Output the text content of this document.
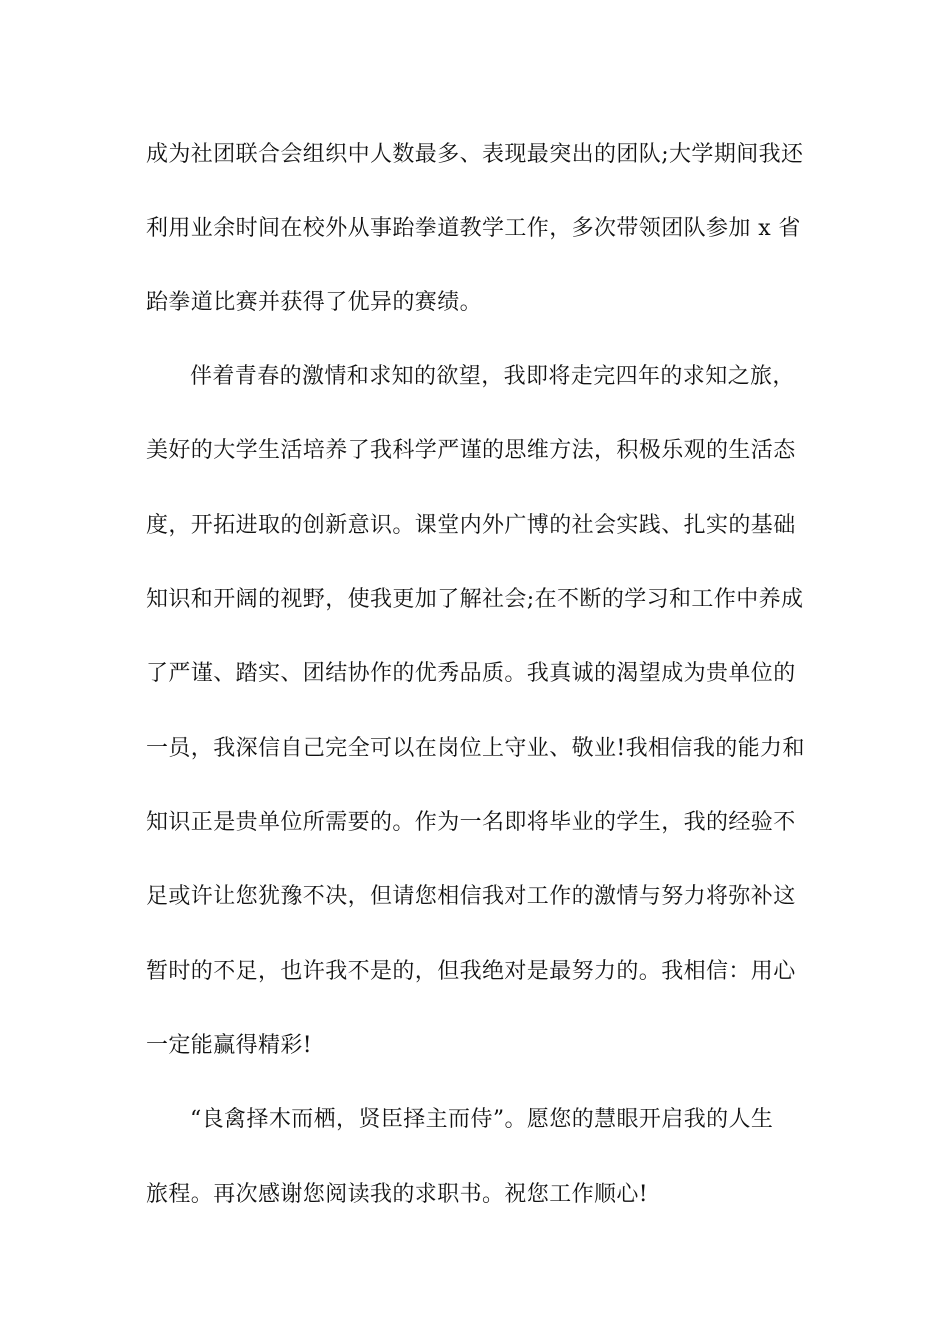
成为社团联合会组织中人数最多、表现最突出的团队;大学期间我还
利用业余时间在校外从事跆拳道教学工作，多次带领团队参加 x 省
跆拳道比赛并获得了优异的赛绩。
伴着青春的激情和求知的欲望，我即将走完四年的求知之旅，
美好的大学生活培养了我科学严谨的思维方法，积极乐观的生活态
度，开拓进取的创新意识。课堂内外广博的社会实践、扎实的基础
知识和开阔的视野，使我更加了解社会;在不断的学习和工作中养成
了严谨、踏实、团结协作的优秀品质。我真诚的渴望成为贵单位的
一员，我深信自己完全可以在岗位上守业、敬业!我相信我的能力和
知识正是贵单位所需要的。作为一名即将毕业的学生，我的经验不
足或许让您犹豫不决，但请您相信我对工作的激情与努力将弥补这
暂时的不足，也许我不是的，但我绝对是最努力的。我相信：用心
一定能赢得精彩!
“良禽择木而栖，贤臣择主而侍”。愿您的慧眼开启我的人生
旅程。再次感谢您阅读我的求职书。祝您工作顺心!
